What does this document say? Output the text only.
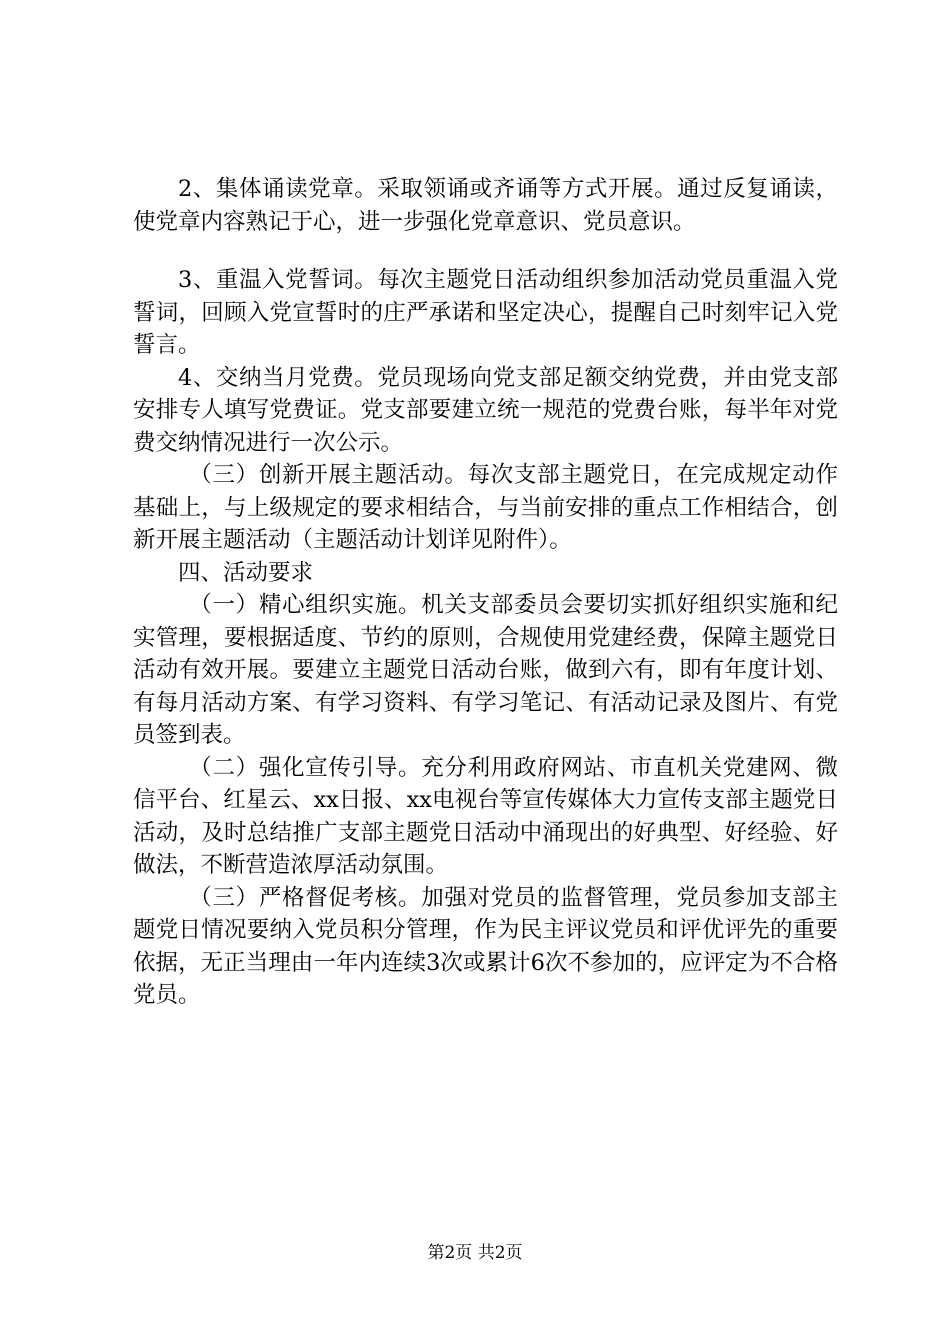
2、集体诵读党章。采取领诵或齐诵等方式开展。通过反复诵读，使党章内容熟记于心，进一步强化党章意识、党员意识。

3、重温入党誓词。每次主题党日活动组织参加活动党员重温入党誓词，回顾入党宣誓时的庄严承诺和坚定决心，提醒自己时刻牢记入党誓言。

4、交纳当月党费。党员现场向党支部足额交纳党费，并由党支部安排专人填写党费证。党支部要建立统一规范的党费台账，每半年对党费交纳情况进行一次公示。

（三）创新开展主题活动。每次支部主题党日，在完成规定动作基础上，与上级规定的要求相结合，与当前安排的重点工作相结合，创新开展主题活动（主题活动计划详见附件）。

四、活动要求

（一）精心组织实施。机关支部委员会要切实抓好组织实施和纪实管理，要根据适度、节约的原则，合规使用党建经费，保障主题党日活动有效开展。要建立主题党日活动台账，做到六有，即有年度计划、有每月活动方案、有学习资料、有学习笔记、有活动记录及图片、有党员签到表。

（二）强化宣传引导。充分利用政府网站、市直机关党建网、微信平台、红星云、xx日报、xx电视台等宣传媒体大力宣传支部主题党日活动，及时总结推广支部主题党日活动中涌现出的好典型、好经验、好做法，不断营造浓厚活动氛围。

（三）严格督促考核。加强对党员的监督管理，党员参加支部主题党日情况要纳入党员积分管理，作为民主评议党员和评优评先的重要依据，无正当理由一年内连续3次或累计6次不参加的，应评定为不合格党员。

第2页 共2页
